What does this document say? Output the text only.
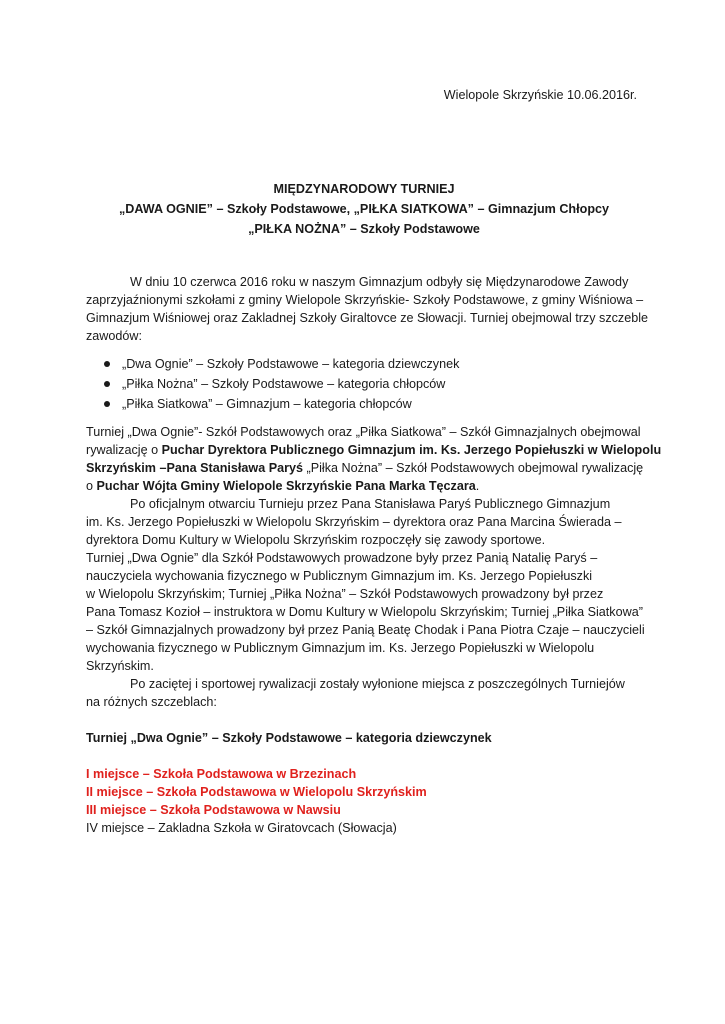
Wielopole Skrzyńskie 10.06.2016r.
MIĘDZYNARODOWY TURNIEJ
„DAWA OGNIE” – Szkoły Podstawowe, „PIŁKA SIATKOWA” – Gimnazjum Chłopcy
„PIŁKA NOŻNA” – Szkoły Podstawowe
W dniu 10 czerwca 2016 roku w naszym Gimnazjum odbyły się Międzynarodowe Zawody
zaprzyjaźnionymi szkołami z gminy Wielopole Skrzyńskie- Szkoły Podstawowe, z gminy Wiśniowa –
Gimnazjum Wiśniowej oraz Zakladnej Szkoły Giraltovce ze Słowacji. Turniej obejmowal trzy szczeble
zawodów:
„Dwa Ognie” – Szkoły Podstawowe – kategoria dziewczynek
„Piłka Nożna” – Szkoły Podstawowe – kategoria chłopców
„Piłka Siatkowa” – Gimnazjum – kategoria chłopców
Turniej „Dwa Ognie”- Szkół Podstawowych oraz „Piłka Siatkowa” – Szkół Gimnazjalnych obejmowal
rywalizację o Puchar Dyrektora Publicznego Gimnazjum im. Ks. Jerzego Popiełuszki w Wielopolu
Skrzyńskim –Pana Stanisława Paryś „Piłka Nożna” – Szkół Podstawowych obejmowal rywalizację
o Puchar Wójta Gminy Wielopole Skrzyńskie Pana Marka Tęczara.
Po oficjalnym otwarciu Turnieju przez Pana Stanisława Paryś Publicznego Gimnazjum
im. Ks. Jerzego Popiełuszki w Wielopolu Skrzyńskim – dyrektora oraz Pana Marcina Świerada –
dyrektora Domu Kultury w Wielopolu Skrzyńskim rozpoczęły się zawody sportowe.
Turniej „Dwa Ognie” dla Szkół Podstawowych prowadzone były przez Panią Natalię Paryś –
nauczyciela wychowania fizycznego w Publicznym Gimnazjum im. Ks. Jerzego Popiełuszki
w Wielopolu Skrzyńskim; Turniej „Piłka Nożna” – Szkół Podstawowych prowadzony był przez
Pana Tomasz Kozioł – instruktora w Domu Kultury w Wielopolu Skrzyńskim; Turniej „Piłka Siatkowa”
– Szkół Gimnazjalnych prowadzony był przez Panią Beatę Chodak i Pana Piotra Czaje – nauczycieli
wychowania fizycznego w Publicznym Gimnazjum im. Ks. Jerzego Popiełuszki w Wielopolu
Skrzyńskim.
Po zaciętej i sportowej rywalizacji zostały wyłonione miejsca z poszczególnych Turniejów
na różnych szczeblach:
Turniej „Dwa Ognie” – Szkoły Podstawowe – kategoria dziewczynek
I miejsce – Szkoła Podstawowa w Brzezinach
II miejsce – Szkoła Podstawowa w Wielopolu Skrzyńskim
III miejsce – Szkoła Podstawowa w Nawsiu
IV miejsce – Zakladna Szkoła w Giratovcach (Słowacja)
